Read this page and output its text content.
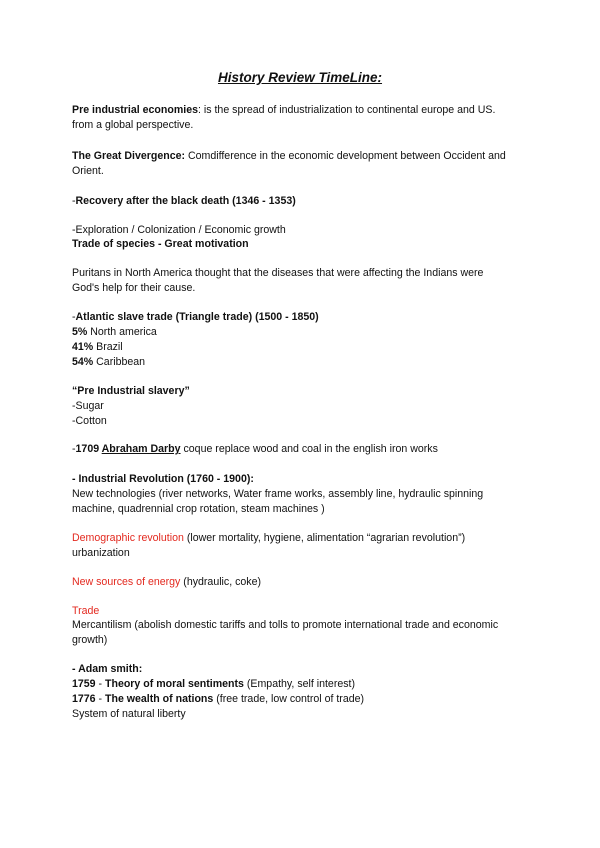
History Review TimeLine:
Pre industrial economies: is the spread of industrialization to continental europe and US.
from a global perspective.
The Great Divergence: Comdifference in the economic development between Occident and
Orient.
-Recovery after the black death (1346 - 1353)
-Exploration / Colonization / Economic growth
Trade of species - Great motivation
Puritans in North America thought that the diseases that were affecting the Indians were
God's help for their cause.
-Atlantic slave trade (Triangle trade) (1500 - 1850)
5% North america
41% Brazil
54% Caribbean
“Pre Industrial slavery”
-Sugar
-Cotton
-1709 Abraham Darby coque replace wood and coal in the english iron works
- Industrial Revolution (1760 - 1900):
New technologies (river networks, Water frame works, assembly line, hydraulic spinning
machine, quadrennial crop rotation, steam machines )
Demographic revolution (lower mortality, hygiene, alimentation “agrarian revolution”)
urbanization
New sources of energy (hydraulic, coke)
Trade
Mercantilism (abolish domestic tariffs and tolls to promote international trade and economic
growth)
- Adam smith:
1759 - Theory of moral sentiments (Empathy, self interest)
1776 - The wealth of nations (free trade, low control of trade)
System of natural liberty
